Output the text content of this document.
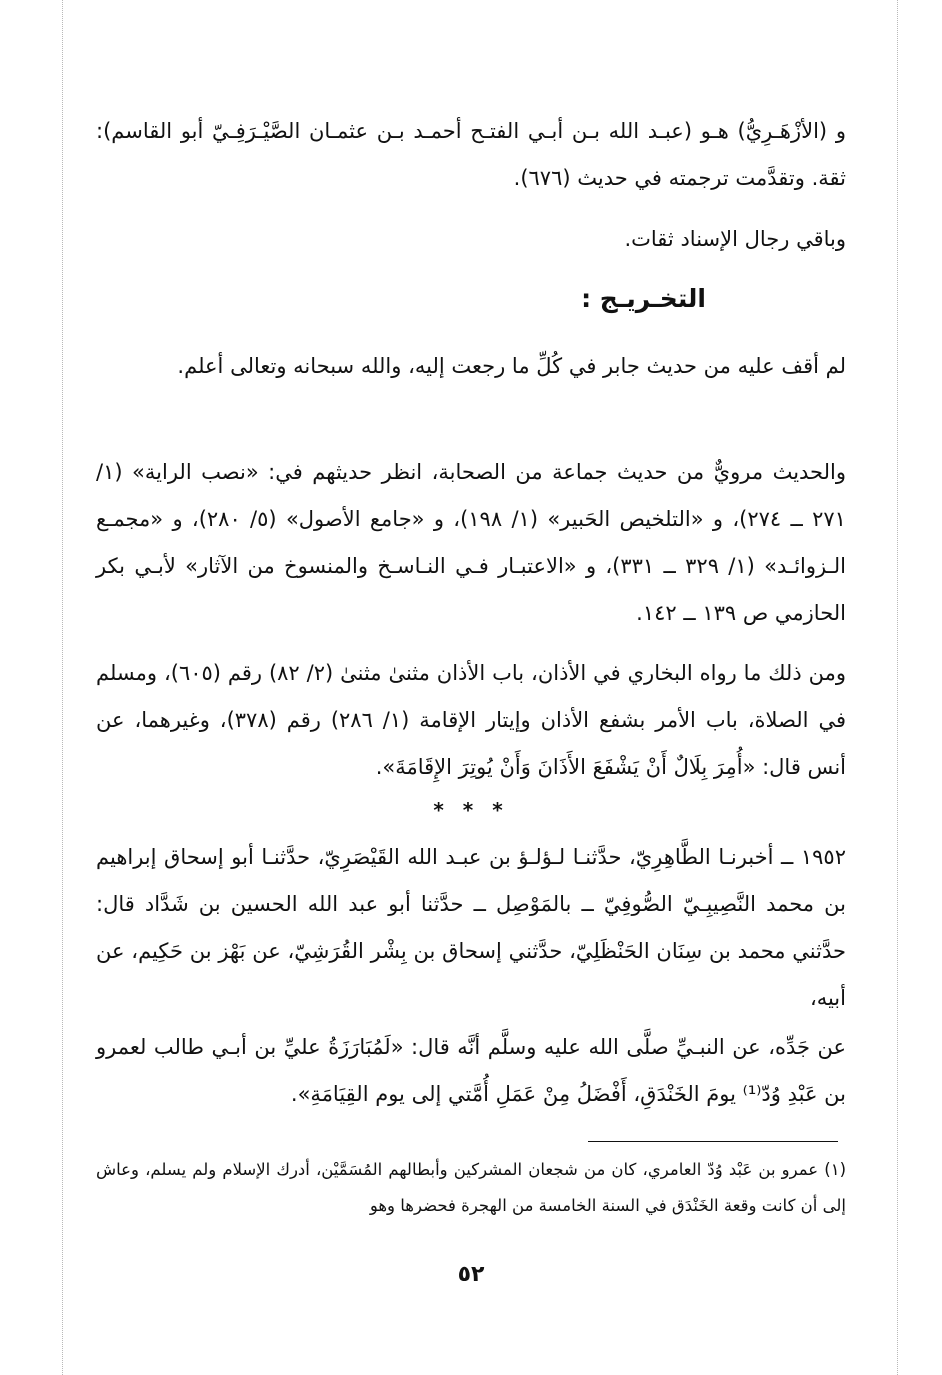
و (الأزْهَـرِيُّ) هـو (عبـد الله بـن أبـي الفتـح أحمـد بـن عثمـان الصَّيْـرَفِـيّ أبو القاسم): ثقة. وتقدَّمت ترجمته في حديث (٦٧٦).

وباقي رجال الإسناد ثقات.

التخـريـج :

لم أقف عليه من حديث جابر في كُلِّ ما رجعت إليه، والله سبحانه وتعالى أعلم.

والحديث مرويٌّ من حديث جماعة من الصحابة، انظر حديثهم في: «نصب الراية» (١/ ٢٧١ ــ ٢٧٤)، و «التلخيص الحَبير» (١/ ١٩٨)، و «جامع الأصول» (٥/ ٢٨٠)، و «مجمـع الـزوائـد» (١/ ٣٢٩ ــ ٣٣١)، و «الاعتبـار فـي النـاسـخ والمنسوخ من الآثار» لأبـي بكر الحازمي ص ١٣٩ ــ ١٤٢.

ومن ذلك ما رواه البخاري في الأذان، باب الأذان مثنىٰ مثنىٰ (٢/ ٨٢) رقم (٦٠٥)، ومسلم في الصلاة، باب الأمر بشفع الأذان وإيتار الإقامة (١/ ٢٨٦) رقم (٣٧٨)، وغيرهما، عن أنس قال: «أُمِرَ بِلَالٌ أَنْ يَشْفَعَ الأَذَانَ وَأَنْ يُوتِرَ الإِقَامَةَ».

* * *

١٩٥٢ ــ أخبرنـا الطَّاهِرِيّ، حدَّثنـا لـؤلـؤ بن عبـد الله القَيْصَرِيّ، حدَّثنـا أبو إسحاق إبراهيم بن محمد النَّصِيبِـيّ الصُّوفِيّ ــ بالمَوْصِل ــ حدَّثنا أبو عبد الله الحسين بن شَدَّاد قال: حدَّثني محمد بن سِنَان الحَنْظَلِيّ، حدَّثني إسحاق بن بِشْر القُرَشِيّ، عن بَهْز بن حَكِيم، عن أبيه،

عن جَدِّه، عن النبـيِّ صلَّى الله عليه وسلَّم أنَّه قال: «لَمُبَارَزَةُ عليِّ بن أبـي طالب لعمرو بن عَبْدِ وُدّ⁽¹⁾ يومَ الخَنْدَقِ، أَفْضَلُ مِنْ عَمَلِ أُمَّتي إلى يوم القِيَامَةِ».

(١) عمرو بن عَبْد وُدّ العامري، كان من شجعان المشركين وأبطالهم المُسَمَّيْن، أدرك الإسلام ولم يسلم، وعاش إلى أن كانت وقعة الخَنْدَق في السنة الخامسة من الهجرة فحضرها وهو

٥٢
